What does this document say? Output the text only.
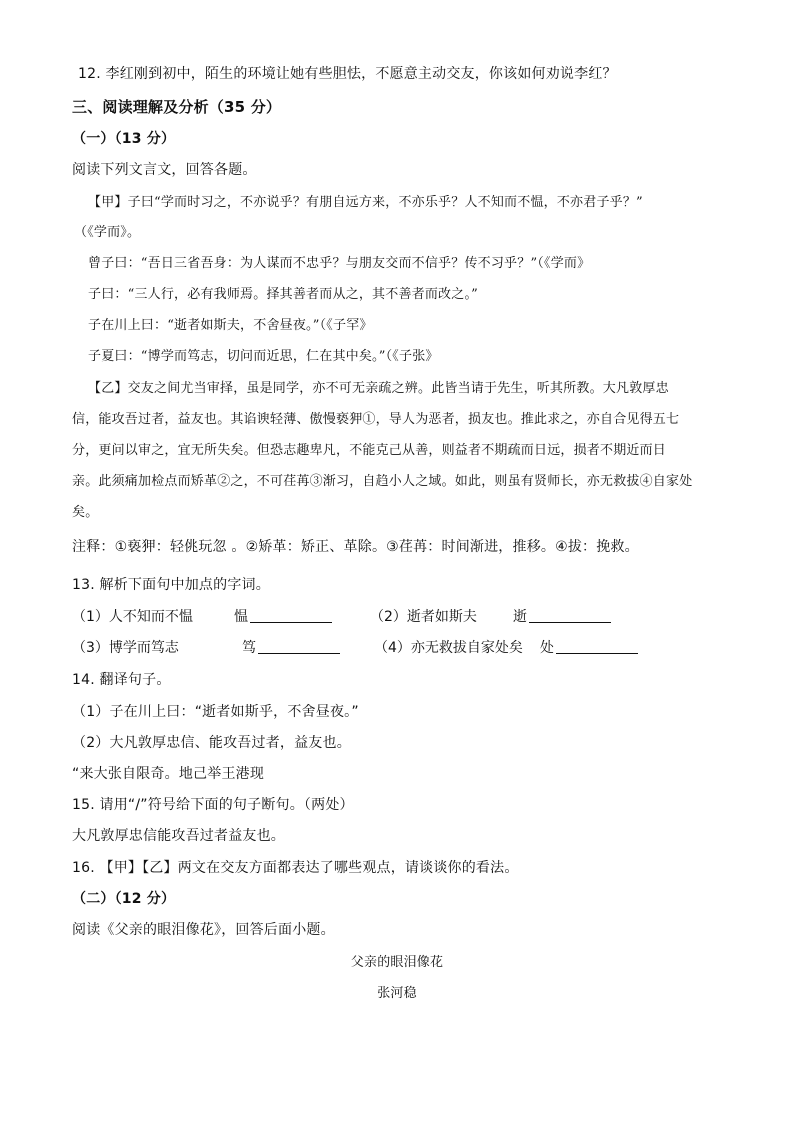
12. 李红刚到初中，陌生的环境让她有些胆怯，不愿意主动交友，你该如何劝说李红？
三、阅读理解及分析（35 分）
（一）（13 分）
阅读下列文言文，回答各题。
【甲】子曰“学而时习之，不亦说乎？有朋自远方来，不亦乐乎？人不知而不愠，不亦君子乎？”
（《学而》。
曾子曰：“吾日三省吾身：为人谋而不忠乎？与朋友交而不信乎？传不习乎？”（《学而》
子曰：“三人行，必有我师焉。择其善者而从之，其不善者而改之。”
子在川上曰：“逝者如斯夫，不舍昼夜。”（《子罕》
子夏曰：“博学而笃志，切问而近思，仁在其中矣。”（《子张》
【乙】交友之间尤当审择，虽是同学，亦不可无亲疏之辨。此皆当请于先生，听其所教。大凡敦厚忠
信，能攻吾过者，益友也。其谄谀轻薄、傲慢亵狎①，导人为恶者，损友也。推此求之，亦自合见得五七
分，更问以审之，宜无所失矣。但恐志趣卑凡，不能克己从善，则益者不期疏而日远，损者不期近而日
亲。此须痛加检点而矫革②之，不可荏苒③渐习，自趋小人之域。如此，则虽有贤师长，亦无救拔④自家处
矣。
注释：①亵狎：轻佻玩忽 。②矫革：矫正、革除。③荏苒：时间渐进，推移。④拔：挽救。
13. 解析下面句中加点的字词。
（1）人不知而不愠	愠	（2）逝者如斯夫	逝
（3）博学而笃志	笃	（4）亦无救拔自家处矣 处
14. 翻译句子。
（1）子在川上曰：“逝者如斯乎，不舍昼夜。”
（2）大凡敦厚忠信、能攻吾过者，益友也。
“来大张自限奇。地己举王港现
15. 请用“/”符号给下面的句子断句。（两处）
大凡敦厚忠信能攻吾过者益友也。
16. 【甲】【乙】两文在交友方面都表达了哪些观点，请谈谈你的看法。
（二）（12 分）
阅读《父亲的眼泪像花》，回答后面小题。
父亲的眼泪像花
张河稳
